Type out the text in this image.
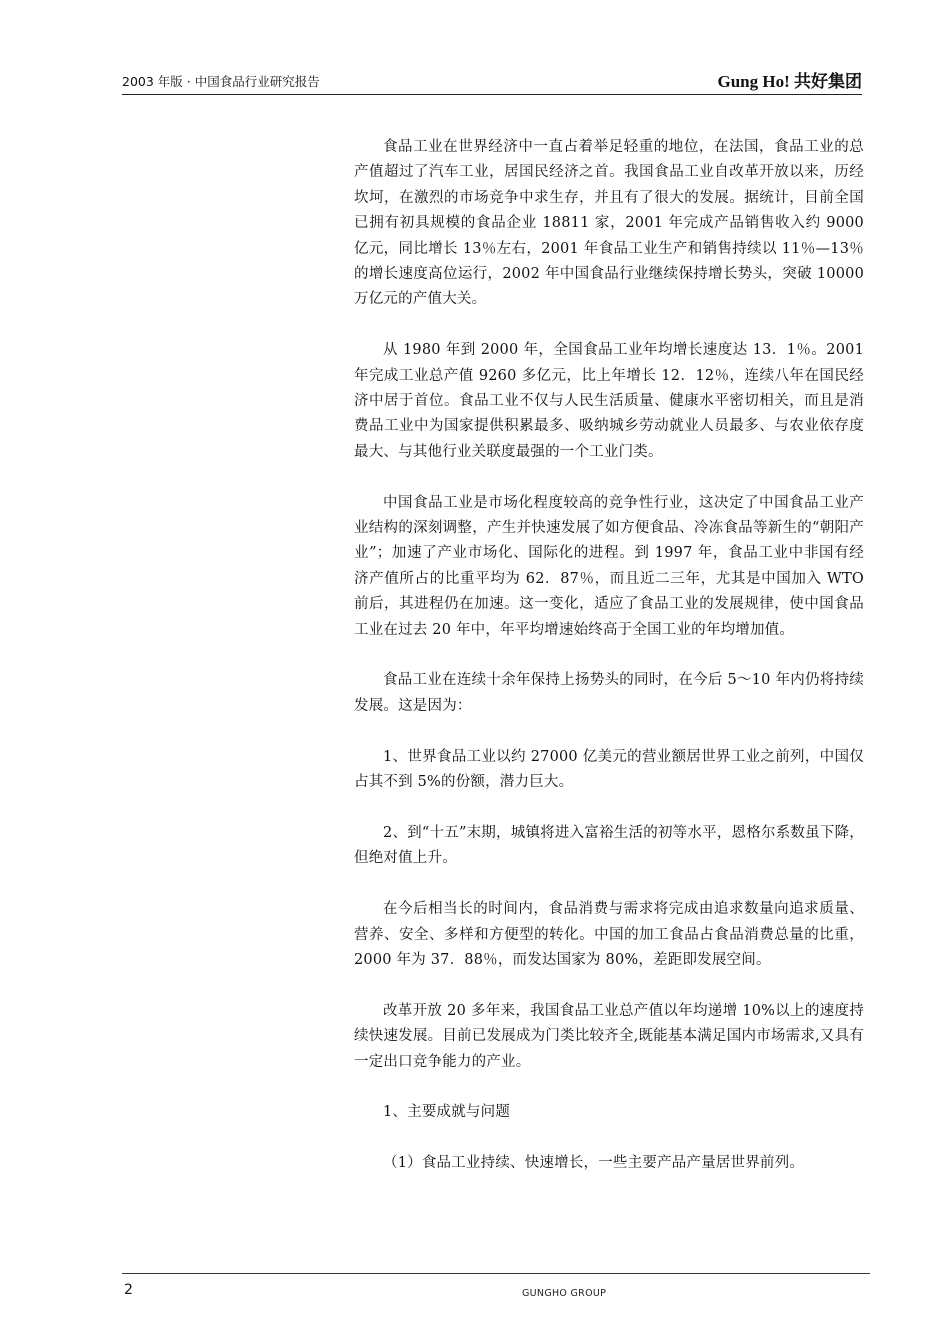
2003 年版 · 中国食品行业研究报告	Gung Ho! 共好集团

食品工业在世界经济中一直占着举足轻重的地位，在法国，食品工业的总产值超过了汽车工业，居国民经济之首。我国食品工业自改革开放以来，历经坎坷，在激烈的市场竞争中求生存，并且有了很大的发展。据统计，目前全国已拥有初具规模的食品企业 18811 家，2001 年完成产品销售收入约 9000 亿元，同比增长 13％左右，2001 年食品工业生产和销售持续以 11％—13％的增长速度高位运行，2002 年中国食品行业继续保持增长势头，突破 10000 万亿元的产值大关。

从 1980 年到 2000 年，全国食品工业年均增长速度达 13．1％。2001 年完成工业总产值 9260 多亿元，比上年增长 12．12％，连续八年在国民经济中居于首位。食品工业不仅与人民生活质量、健康水平密切相关，而且是消费品工业中为国家提供积累最多、吸纳城乡劳动就业人员最多、与农业依存度最大、与其他行业关联度最强的一个工业门类。

中国食品工业是市场化程度较高的竞争性行业，这决定了中国食品工业产业结构的深刻调整，产生并快速发展了如方便食品、冷冻食品等新生的“朝阳产业”；加速了产业市场化、国际化的进程。到 1997 年，食品工业中非国有经济产值所占的比重平均为 62．87％，而且近二三年，尤其是中国加入 WTO 前后，其进程仍在加速。这一变化，适应了食品工业的发展规律，使中国食品工业在过去 20 年中，年平均增速始终高于全国工业的年均增加值。

食品工业在连续十余年保持上扬势头的同时，在今后 5～10 年内仍将持续发展。这是因为：

1、世界食品工业以约 27000 亿美元的营业额居世界工业之前列，中国仅占其不到 5%的份额，潜力巨大。

2、到“十五”末期，城镇将进入富裕生活的初等水平，恩格尔系数虽下降，但绝对值上升。

在今后相当长的时间内，食品消费与需求将完成由追求数量向追求质量、营养、安全、多样和方便型的转化。中国的加工食品占食品消费总量的比重，2000 年为 37．88％，而发达国家为 80%，差距即发展空间。

改革开放 20 多年来，我国食品工业总产值以年均递增 10%以上的速度持续快速发展。目前已发展成为门类比较齐全,既能基本满足国内市场需求,又具有一定出口竞争能力的产业。

1、主要成就与问题

（1）食品工业持续、快速增长，一些主要产品产量居世界前列。

2	GUNGHO GROUP
